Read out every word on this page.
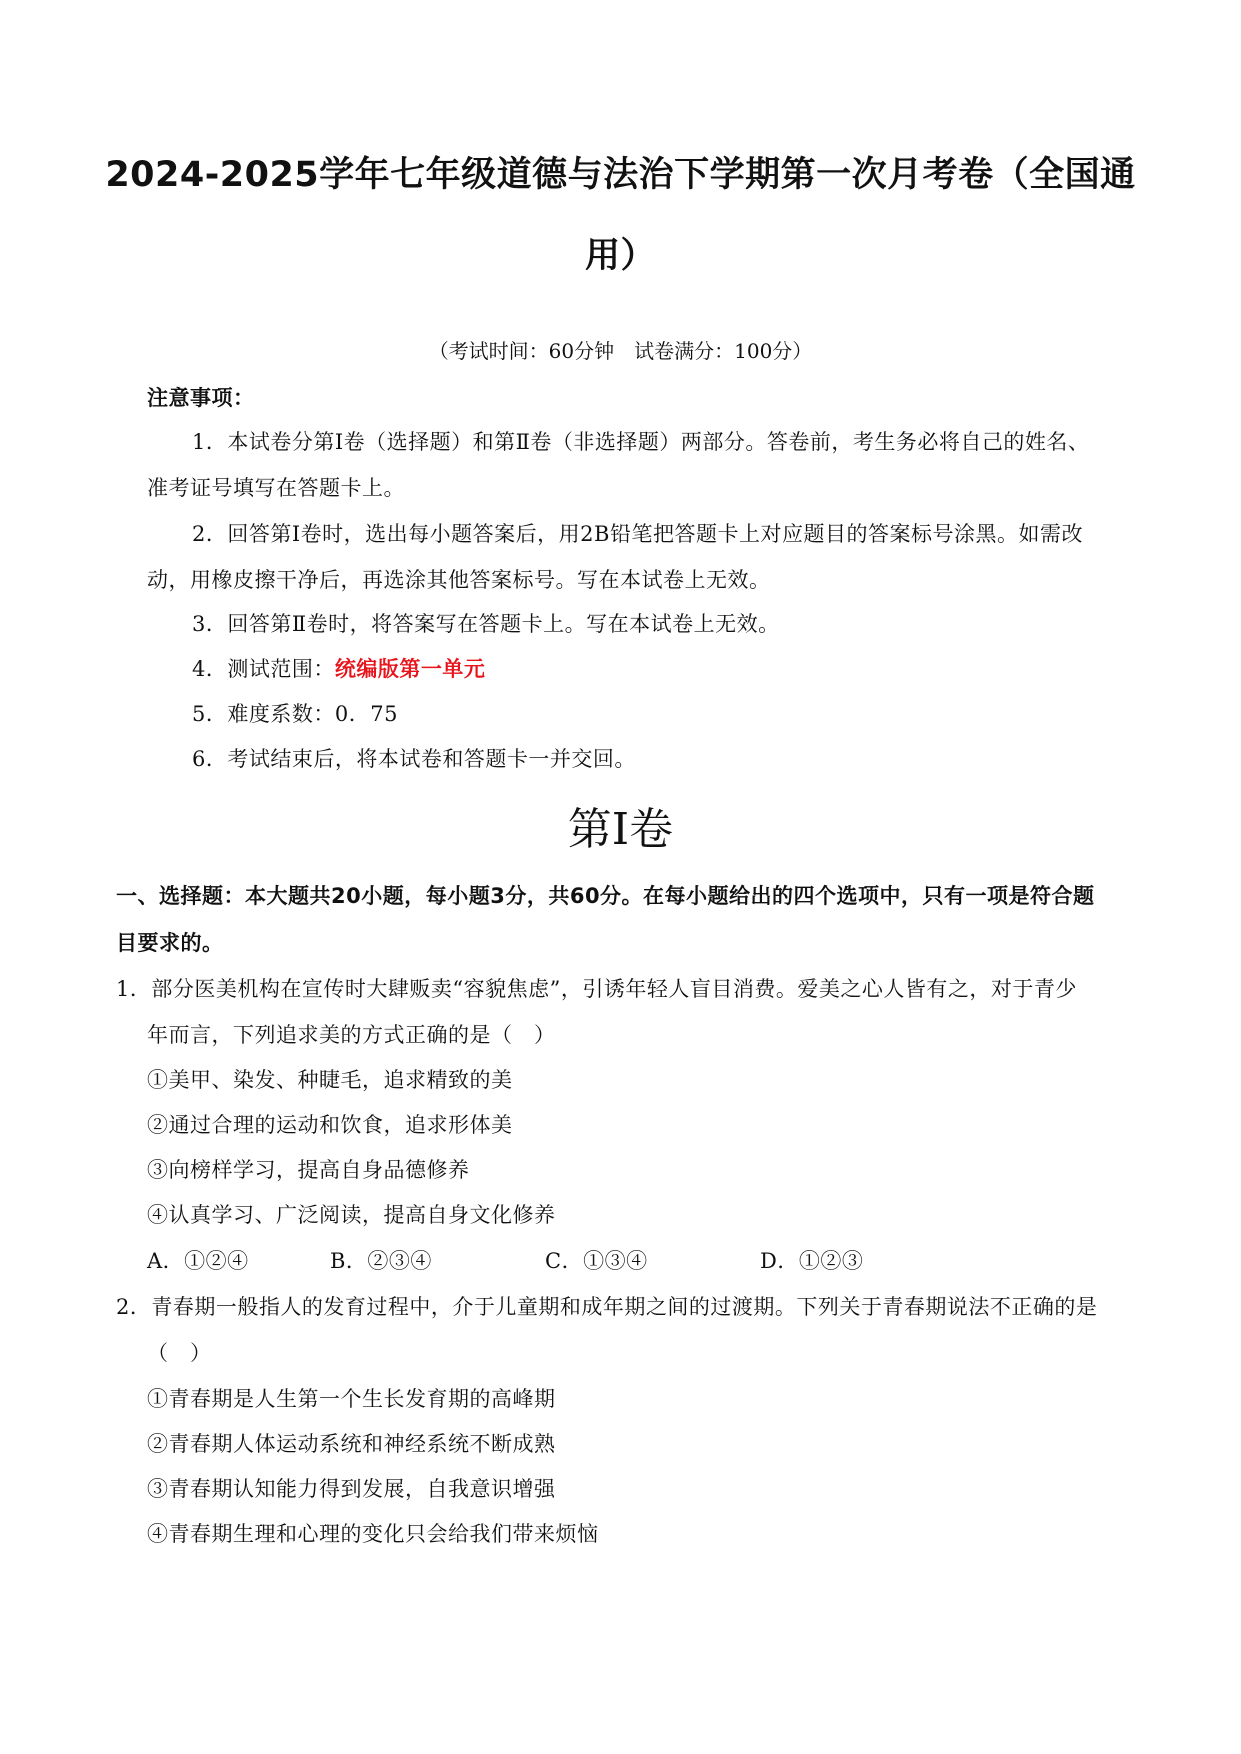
2024-2025学年七年级道德与法治下学期第一次月考卷（全国通
用）
（考试时间：60分钟　试卷满分：100分）
注意事项：
1．本试卷分第Ⅰ卷（选择题）和第Ⅱ卷（非选择题）两部分。答卷前，考生务必将自己的姓名、
准考证号填写在答题卡上。
2．回答第Ⅰ卷时，选出每小题答案后，用2B铅笔把答题卡上对应题目的答案标号涂黑。如需改
动，用橡皮擦干净后，再选涂其他答案标号。写在本试卷上无效。
3．回答第Ⅱ卷时，将答案写在答题卡上。写在本试卷上无效。
4．测试范围：统编版第一单元
5．难度系数：0．75
6．考试结束后，将本试卷和答题卡一并交回。
第Ⅰ卷
一、选择题：本大题共20小题，每小题3分，共60分。在每小题给出的四个选项中，只有一项是符合题
目要求的。
1．部分医美机构在宣传时大肆贩卖“容貌焦虑”，引诱年轻人盲目消费。爱美之心人皆有之，对于青少
年而言，下列追求美的方式正确的是（　）
①美甲、染发、种睫毛，追求精致的美
②通过合理的运动和饮食，追求形体美
③向榜样学习，提高自身品德修养
④认真学习、广泛阅读，提高自身文化修养
A．①②④	B．②③④	C．①③④	D．①②③
2．青春期一般指人的发育过程中，介于儿童期和成年期之间的过渡期。下列关于青春期说法不正确的是
（　）
①青春期是人生第一个生长发育期的高峰期
②青春期人体运动系统和神经系统不断成熟
③青春期认知能力得到发展，自我意识增强
④青春期生理和心理的变化只会给我们带来烦恼
